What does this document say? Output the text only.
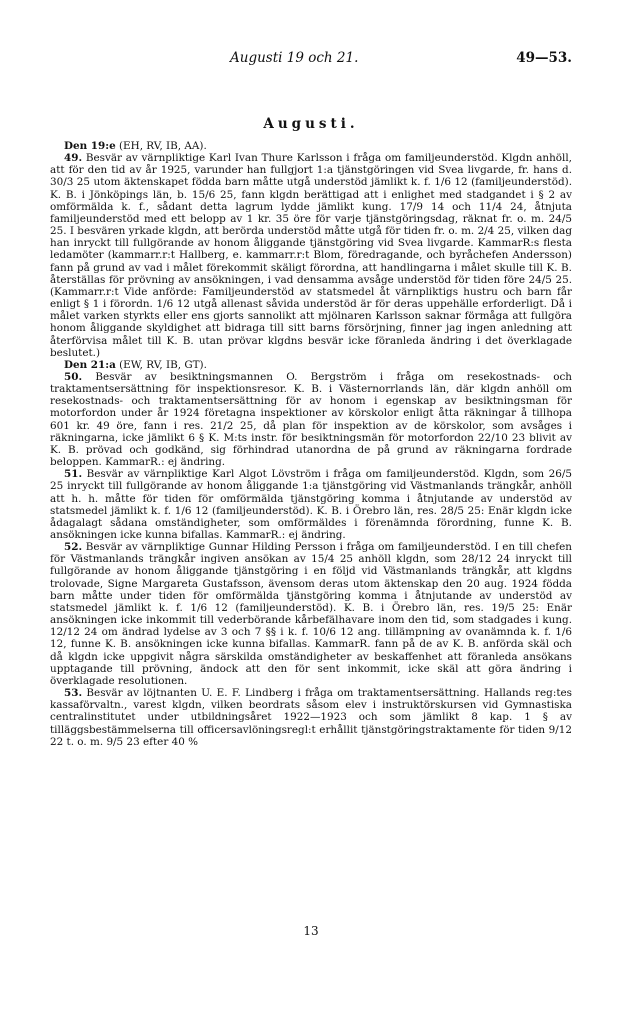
Augusti 19 och 21.	49—53.
Augusti.

Den 19:e (EH, RV, IB, AA).

49. Besvär av värnpliktige Karl Ivan Thure Karlsson i fråga om familjeunderstöd. Klgdn anhöll, att för den tid av år 1925, varunder han fullgjort 1:a tjänstgöringen vid Svea livgarde, fr. hans d. 30/3 25 utom äktenskapet födda barn måtte utgå understöd jämlikt k. f. 1/6 12 (familjeunderstöd). K. B. i Jönköpings län, b. 15/6 25, fann klgdn berättigad att i enlighet med stadgandet i § 2 av omförmälda k. f., sådant detta lagrum lydde jämlikt kung. 17/9 14 och 11/4 24, åtnjuta familjeunderstöd med ett belopp av 1 kr. 35 öre för varje tjänstgöringsdag, räknat fr. o. m. 24/5 25. I besvären yrkade klgdn, att berörda understöd måtte utgå för tiden fr. o. m. 2/4 25, vilken dag han inryckt till fullgörande av honom åliggande tjänstgöring vid Svea livgarde. KammarR:s flesta ledamöter (kammarr.r:t Hallberg, e. kammarr.r:t Blom, föredragande, och byråchefen Andersson) fann på grund av vad i målet förekommit skäligt förordna, att handlingarna i målet skulle till K. B. återställas för prövning av ansökningen, i vad densamma avsåge understöd för tiden före 24/5 25. (Kammarr.r:t Vide anförde: Familjeunderstöd av statsmedel åt värnpliktigs hustru och barn får enligt § 1 i förordn. 1/6 12 utgå allenast såvida understöd är för deras uppehälle erforderligt. Då i målet varken styrkts eller ens gjorts sannolikt att mjölnaren Karlsson saknar förmåga att fullgöra honom åliggande skyldighet att bidraga till sitt barns försörjning, finner jag ingen anledning att återförvisa målet till K. B. utan prövar klgdns besvär icke föranleda ändring i det överklagade beslutet.)

Den 21:a (EW, RV, IB, GT).

50. Besvär av besiktningsmannen O. Bergström i fråga om resekostnads- och traktamentsersättning för inspektionsresor. K. B. i Västernorrlands län, där klgdn anhöll om resekostnads- och traktamentsersättning för av honom i egenskap av besiktningsman för motorfordon under år 1924 företagna inspektioner av körskolor enligt åtta räkningar å tillhopa 601 kr. 49 öre, fann i res. 21/2 25, då plan för inspektion av de körskolor, som avsåges i räkningarna, icke jämlikt 6 § K. M:ts instr. för besiktningsmän för motorfordon 22/10 23 blivit av K. B. prövad och godkänd, sig förhindrad utanordna de på grund av räkningarna fordrade beloppen. KammarR.: ej ändring.

51. Besvär av värnpliktige Karl Algot Lövström i fråga om familjeunderstöd. Klgdn, som 26/5 25 inryckt till fullgörande av honom åliggande 1:a tjänstgöring vid Västmanlands trängkår, anhöll att h. h. måtte för tiden för omförmälda tjänstgöring komma i åtnjutande av understöd av statsmedel jämlikt k. f. 1/6 12 (familjeunderstöd). K. B. i Örebro län, res. 28/5 25: Enär klgdn icke ådagalagt sådana omständigheter, som omförmäldes i förenämnda förordning, funne K. B. ansökningen icke kunna bifallas. KammarR.: ej ändring.

52. Besvär av värnpliktige Gunnar Hilding Persson i fråga om familjeunderstöd. I en till chefen för Västmanlands trängkår ingiven ansökan av 15/4 25 anhöll klgdn, som 28/12 24 inryckt till fullgörande av honom åliggande tjänstgöring i en följd vid Västmanlands trängkår, att klgdns trolovade, Signe Margareta Gustafsson, ävensom deras utom äktenskap den 20 aug. 1924 födda barn måtte under tiden för omförmälda tjänstgöring komma i åtnjutande av understöd av statsmedel jämlikt k. f. 1/6 12 (familjeunderstöd). K. B. i Örebro län, res. 19/5 25: Enär ansökningen icke inkommit till vederbörande kårbefälhavare inom den tid, som stadgades i kung. 12/12 24 om ändrad lydelse av 3 och 7 §§ i k. f. 10/6 12 ang. tillämpning av ovanämnda k. f. 1/6 12, funne K. B. ansökningen icke kunna bifallas. KammarR. fann på de av K. B. anförda skäl och då klgdn icke uppgivit några särskilda omständigheter av beskaffenhet att föranleda ansökans upptagande till prövning, ändock att den för sent inkommit, icke skäl att göra ändring i överklagade resolutionen.

53. Besvär av löjtnanten U. E. F. Lindberg i fråga om traktamentsersättning. Hallands reg:tes kassaförvaltn., varest klgdn, vilken beordrats såsom elev i instruktörskursen vid Gymnastiska centralinstitutet under utbildningsåret 1922—1923 och som jämlikt 8 kap. 1 § av tilläggsbestämmelserna till officersavlöningsregl:t erhållit tjänstgöringstraktamente för tiden 9/12 22 t. o. m. 9/5 23 efter 40 %

13
